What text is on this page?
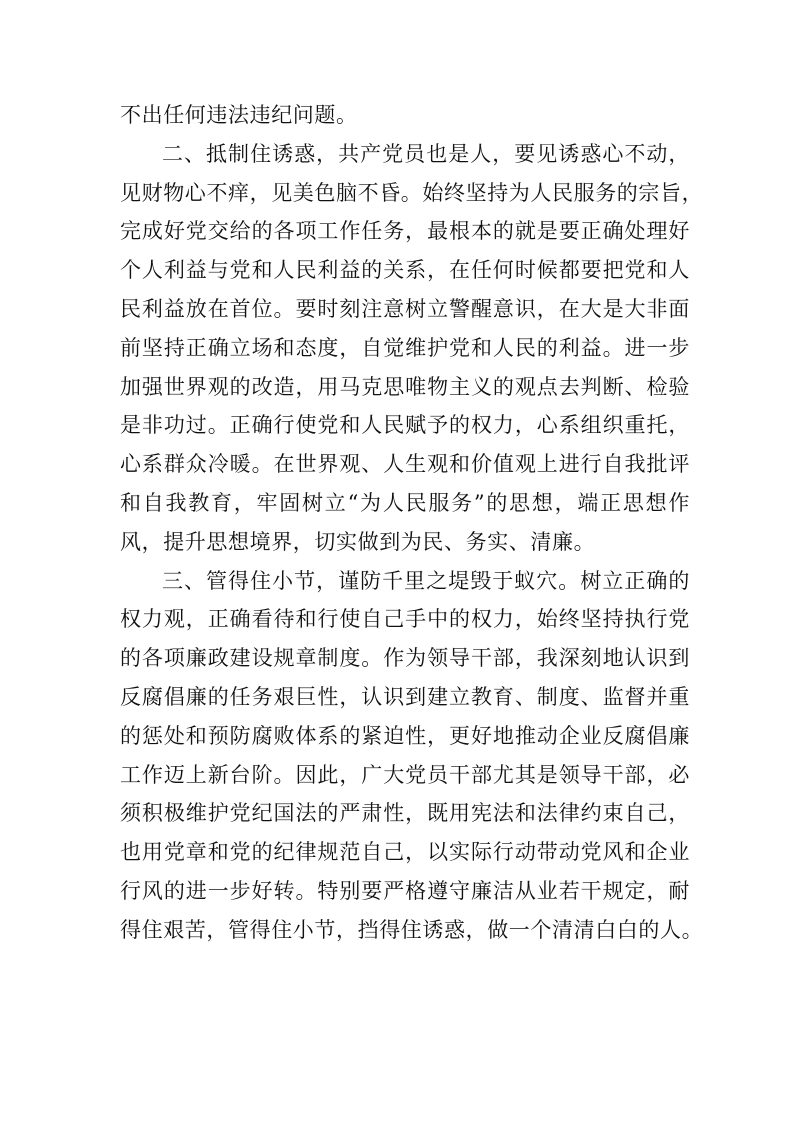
不出任何违法违纪问题。
二、抵制住诱惑，共产党员也是人，要见诱惑心不动，
见财物心不痒，见美色脑不昏。始终坚持为人民服务的宗旨，
完成好党交给的各项工作任务，最根本的就是要正确处理好
个人利益与党和人民利益的关系，在任何时候都要把党和人
民利益放在首位。要时刻注意树立警醒意识，在大是大非面
前坚持正确立场和态度，自觉维护党和人民的利益。进一步
加强世界观的改造，用马克思唯物主义的观点去判断、检验
是非功过。正确行使党和人民赋予的权力，心系组织重托，
心系群众冷暖。在世界观、人生观和价值观上进行自我批评
和自我教育，牢固树立“为人民服务”的思想，端正思想作
风，提升思想境界，切实做到为民、务实、清廉。
三、管得住小节，谨防千里之堤毁于蚁穴。树立正确的
权力观，正确看待和行使自己手中的权力，始终坚持执行党
的各项廉政建设规章制度。作为领导干部，我深刻地认识到
反腐倡廉的任务艰巨性，认识到建立教育、制度、监督并重
的惩处和预防腐败体系的紧迫性，更好地推动企业反腐倡廉
工作迈上新台阶。因此，广大党员干部尤其是领导干部，必
须积极维护党纪国法的严肃性，既用宪法和法律约束自己，
也用党章和党的纪律规范自己，以实际行动带动党风和企业
行风的进一步好转。特别要严格遵守廉洁从业若干规定，耐
得住艰苦，管得住小节，挡得住诱惑，做一个清清白白的人。
